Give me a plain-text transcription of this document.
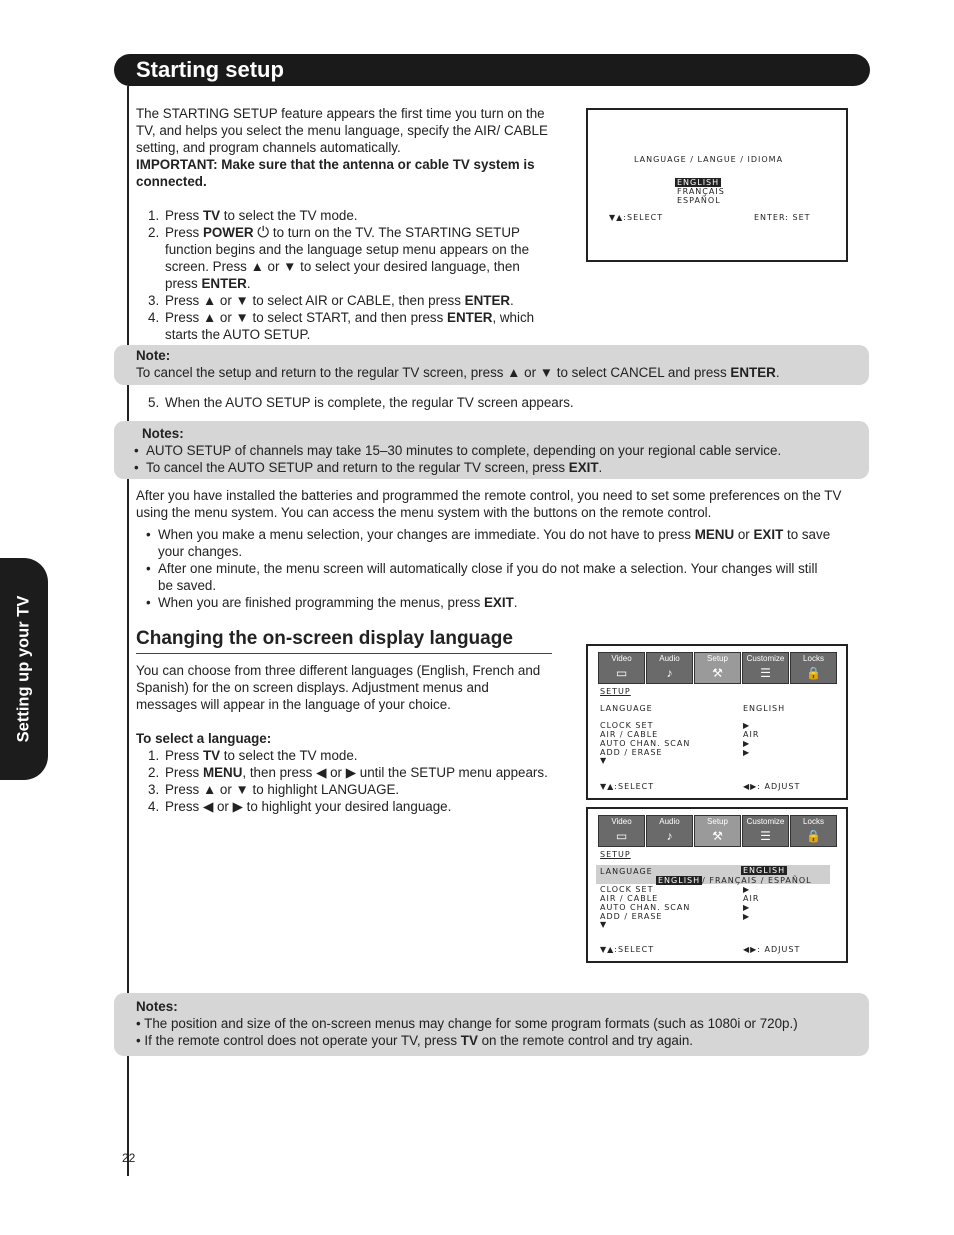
Starting setup
Setting up your TV

The STARTING SETUP feature appears the first time you turn on the TV, and helps you select the menu language, specify the AIR/ CABLE setting, and program channels automatically.

IMPORTANT: Make sure that the antenna or cable TV system is connected.

1. Press TV to select the TV mode.
2. Press POWER ⏻ to turn on the TV. The STARTING SETUP function begins and the language setup menu appears on the screen. Press ▲ or ▼ to select your desired language, then press ENTER.
3. Press ▲ or ▼ to select AIR or CABLE, then press ENTER.
4. Press ▲ or ▼ to select START, and then press ENTER, which starts the AUTO SETUP.
LANGUAGE / LANGUE / IDIOMA
ENGLISH
FRANÇAIS
ESPAÑOL
▼▲:SELECT	ENTER: SET

Note:

To cancel the setup and return to the regular TV screen, press ▲ or ▼ to select CANCEL and press ENTER.

5. When the AUTO SETUP is complete, the regular TV screen appears.

Notes:

• AUTO SETUP of channels may take 15–30 minutes to complete, depending on your regional cable service.
• To cancel the AUTO SETUP and return to the regular TV screen, press EXIT.

After you have installed the batteries and programmed the remote control, you need to set some preferences on the TV using the menu system. You can access the menu system with the buttons on the remote control.

• When you make a menu selection, your changes are immediate. You do not have to press MENU or EXIT to save your changes.
• After one minute, the menu screen will automatically close if you do not make a selection. Your changes will still be saved.
• When you are finished programming the menus, press EXIT.
Changing the on-screen display language

You can choose from three different languages (English, French and Spanish) for the on screen displays. Adjustment menus and messages will appear in the language of your choice.

To select a language:

1. Press TV to select the TV mode.
2. Press MENU, then press ◀ or ▶ until the SETUP menu appears.
3. Press ▲ or ▼ to highlight LANGUAGE.
4. Press ◀ or ▶ to highlight your desired language.
Video
▭
Audio
♪
Setup
⚒
Customize
☰
Locks
🔒
SETUP
LANGUAGE	ENGLISH
CLOCK SET	▶
AIR / CABLE	AIR
AUTO CHAN. SCAN	▶
ADD / ERASE	▶
▼
▼▲:SELECT	◀▶: ADJUST
Video
▭
Audio
♪
Setup
⚒
Customize
☰
Locks
🔒
SETUP
LANGUAGE	ENGLISH
ENGLISH / FRANÇAIS / ESPAÑOL
CLOCK SET	▶
AIR / CABLE	AIR
AUTO CHAN. SCAN	▶
ADD / ERASE	▶
▼
▼▲:SELECT	◀▶: ADJUST

Notes:

• The position and size of the on-screen menus may change for some program formats (such as 1080i or 720p.)

• If the remote control does not operate your TV, press TV on the remote control and try again.

22
